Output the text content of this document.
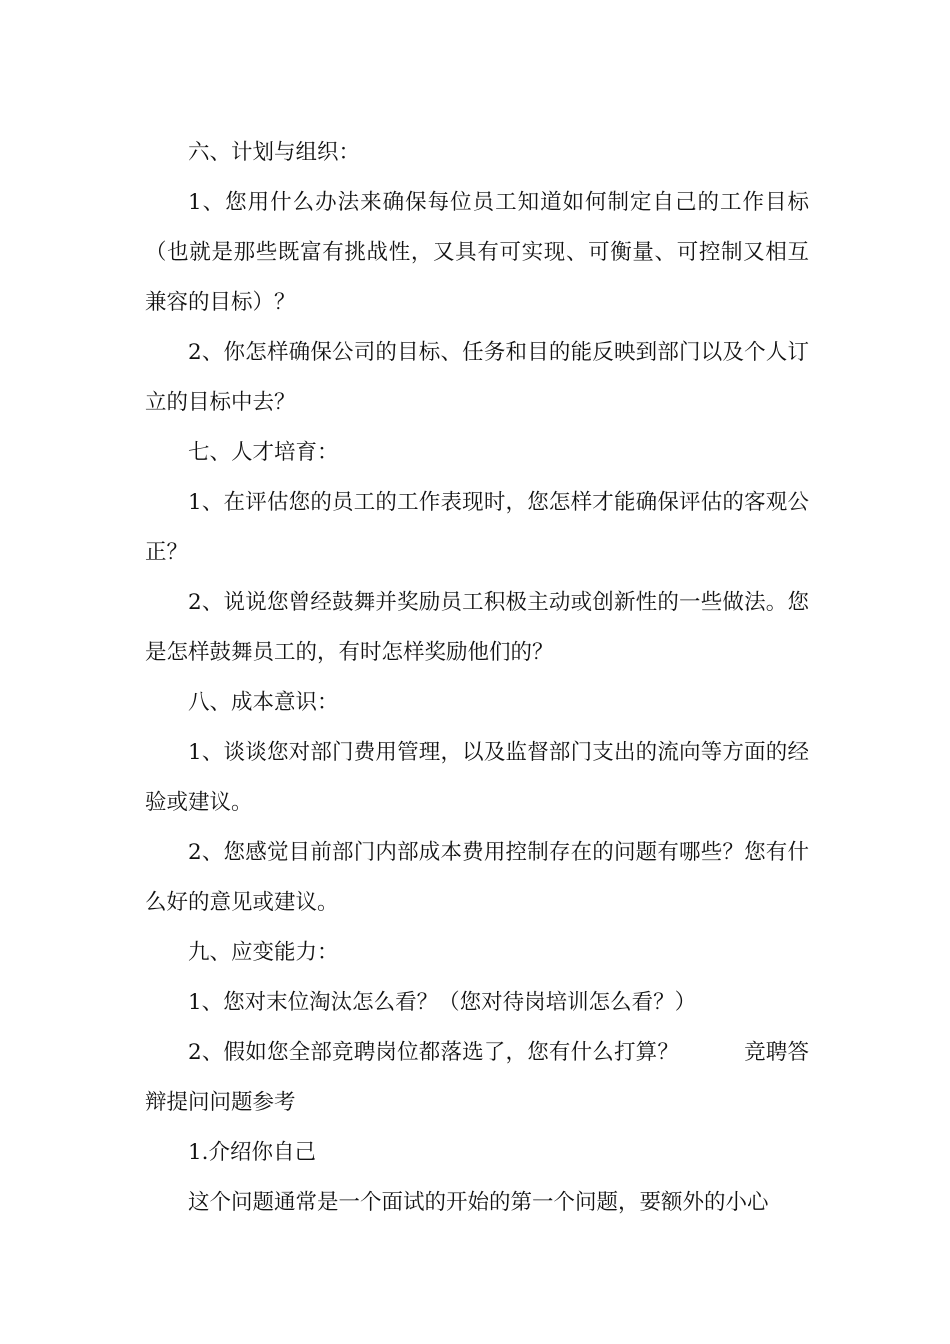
六、计划与组织：

1、您用什么办法来确保每位员工知道如何制定自己的工作目标（也就是那些既富有挑战性，又具有可实现、可衡量、可控制又相互兼容的目标）？

2、你怎样确保公司的目标、任务和目的能反映到部门以及个人订立的目标中去？

七、人才培育：

1、在评估您的员工的工作表现时，您怎样才能确保评估的客观公正？

2、说说您曾经鼓舞并奖励员工积极主动或创新性的一些做法。您是怎样鼓舞员工的，有时怎样奖励他们的？

八、成本意识：

1、谈谈您对部门费用管理，以及监督部门支出的流向等方面的经验或建议。

2、您感觉目前部门内部成本费用控制存在的问题有哪些？您有什么好的意见或建议。

九、应变能力：

1、您对末位淘汰怎么看？（您对待岗培训怎么看？）

2、假如您全部竞聘岗位都落选了，您有什么打算？　　　竞聘答辩提问问题参考

1.介绍你自己

这个问题通常是一个面试的开始的第一个问题，要额外的小心
